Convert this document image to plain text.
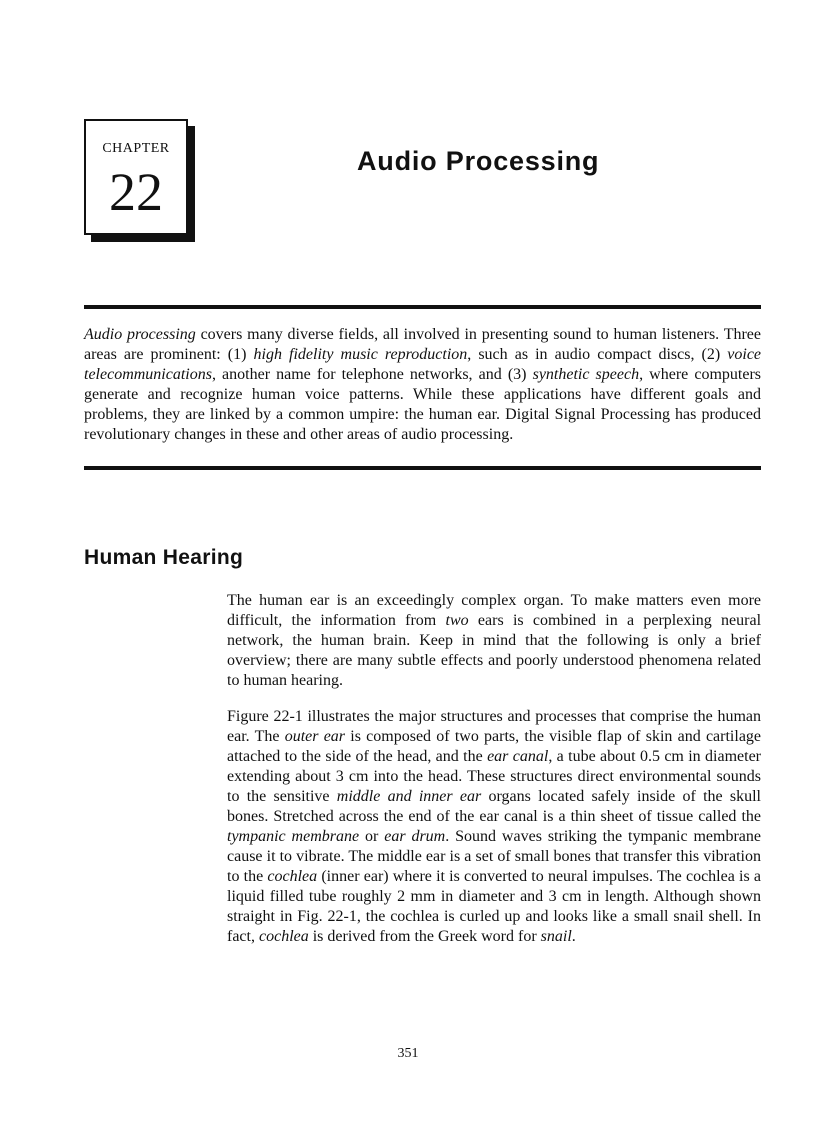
CHAPTER
22
Audio Processing
Audio processing covers many diverse fields, all involved in presenting sound to human listeners. Three areas are prominent: (1) high fidelity music reproduction, such as in audio compact discs, (2) voice telecommunications, another name for telephone networks, and (3) synthetic speech, where computers generate and recognize human voice patterns. While these applications have different goals and problems, they are linked by a common umpire: the human ear. Digital Signal Processing has produced revolutionary changes in these and other areas of audio processing.
Human Hearing

The human ear is an exceedingly complex organ. To make matters even more difficult, the information from two ears is combined in a perplexing neural network, the human brain. Keep in mind that the following is only a brief overview; there are many subtle effects and poorly understood phenomena related to human hearing.

Figure 22-1 illustrates the major structures and processes that comprise the human ear. The outer ear is composed of two parts, the visible flap of skin and cartilage attached to the side of the head, and the ear canal, a tube about 0.5 cm in diameter extending about 3 cm into the head. These structures direct environmental sounds to the sensitive middle and inner ear organs located safely inside of the skull bones. Stretched across the end of the ear canal is a thin sheet of tissue called the tympanic membrane or ear drum. Sound waves striking the tympanic membrane cause it to vibrate. The middle ear is a set of small bones that transfer this vibration to the cochlea (inner ear) where it is converted to neural impulses. The cochlea is a liquid filled tube roughly 2 mm in diameter and 3 cm in length. Although shown straight in Fig. 22-1, the cochlea is curled up and looks like a small snail shell. In fact, cochlea is derived from the Greek word for snail.

351
